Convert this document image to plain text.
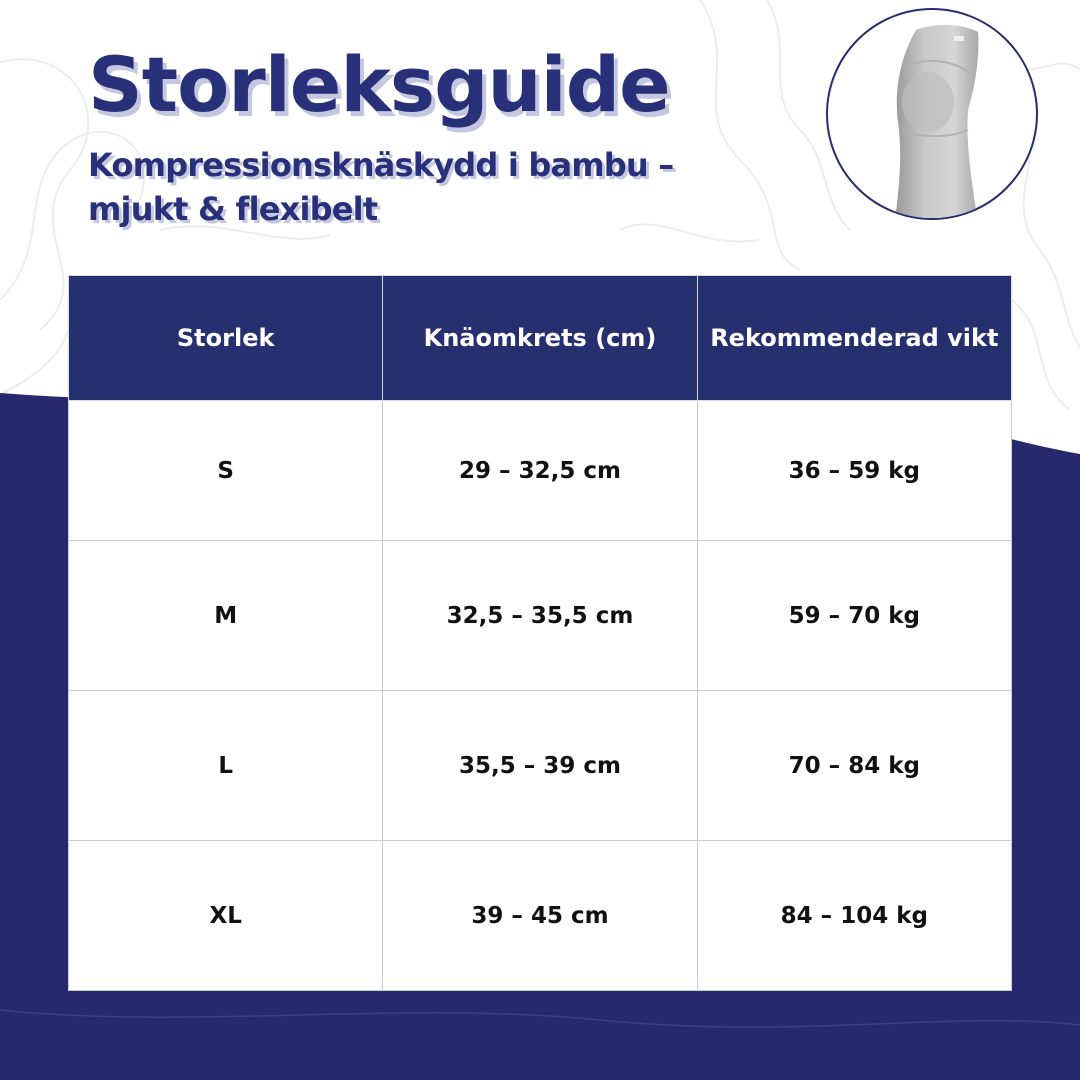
Storleksguide
Kompressionsknäskydd i bambu – mjukt & flexibelt
Storlek	Knäomkrets (cm)	Rekommenderad vikt
S	29 – 32,5 cm	36 – 59 kg
M	32,5 – 35,5 cm	59 – 70 kg
L	35,5 – 39 cm	70 – 84 kg
XL	39 – 45 cm	84 – 104 kg
